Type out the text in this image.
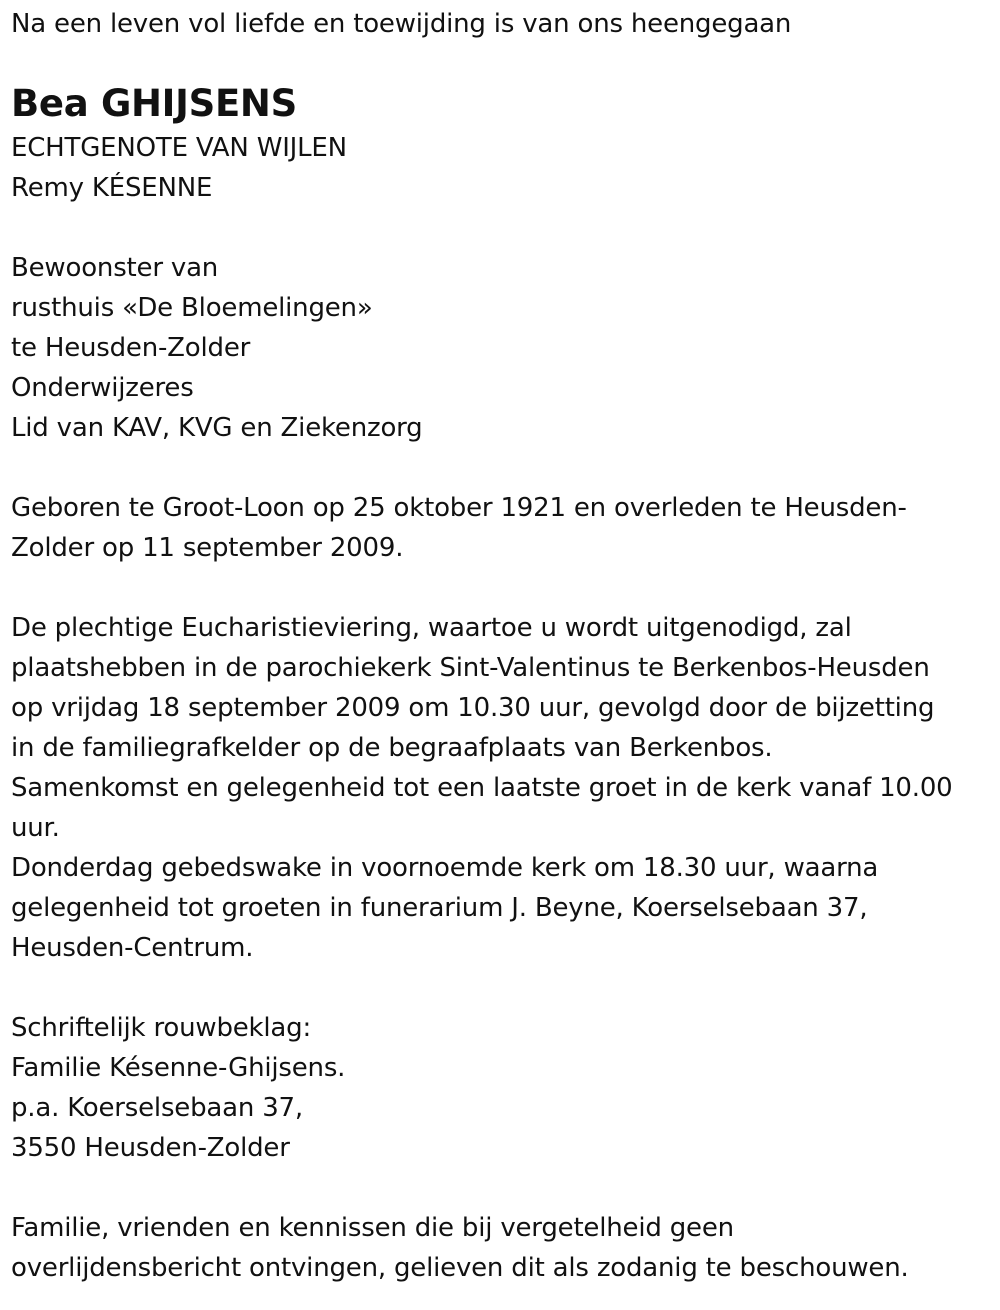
Na een leven vol liefde en toewijding is van ons heengegaan
Bea GHIJSENS
ECHTGENOTE VAN WIJLEN
Remy KÉSENNE
Bewoonster van
rusthuis «De Bloemelingen»
te Heusden-Zolder
Onderwijzeres
Lid van KAV, KVG en Ziekenzorg
Geboren te Groot-Loon op 25 oktober 1921 en overleden te Heusden-
Zolder op 11 september 2009.
De plechtige Eucharistieviering, waartoe u wordt uitgenodigd, zal
plaatshebben in de parochiekerk Sint-Valentinus te Berkenbos-Heusden
op vrijdag 18 september 2009 om 10.30 uur, gevolgd door de bijzetting
in de familiegrafkelder op de begraafplaats van Berkenbos.
Samenkomst en gelegenheid tot een laatste groet in de kerk vanaf 10.00
uur.
Donderdag gebedswake in voornoemde kerk om 18.30 uur, waarna
gelegenheid tot groeten in funerarium J. Beyne, Koerselsebaan 37,
Heusden-Centrum.
Schriftelijk rouwbeklag:
Familie Késenne-Ghijsens.
p.a. Koerselsebaan 37,
3550 Heusden-Zolder
Familie, vrienden en kennissen die bij vergetelheid geen
overlijdensbericht ontvingen, gelieven dit als zodanig te beschouwen.
